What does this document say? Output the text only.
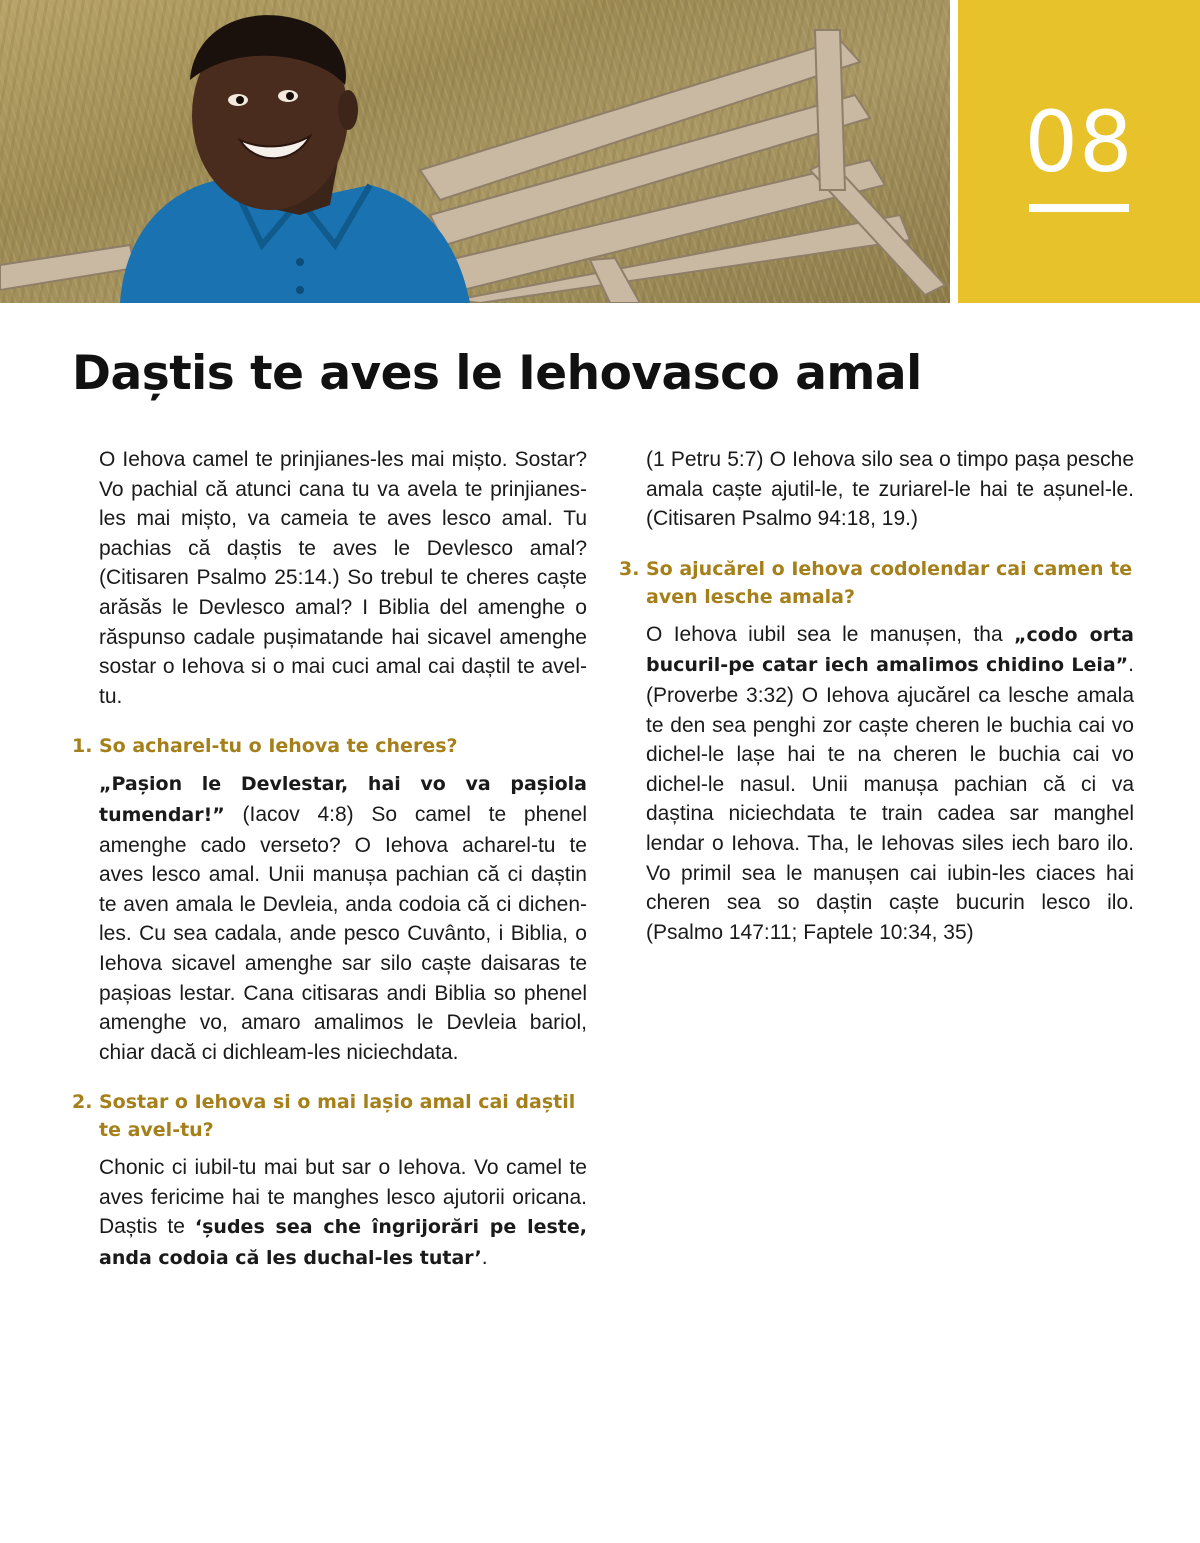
08
Daștis te aves le Iehovasco amal

O Iehova camel te prinjianes-les mai mișto. Sostar? Vo pachial că atunci cana tu va avela te prinjianes-les mai mișto, va cameia te aves lesco amal. Tu pachias că daștis te aves le Devlesco amal? (Citisaren Psalmo 25:14.) So trebul te cheres caște arăsăs le Devlesco amal? I Biblia del amenghe o răspunso cadale pușimatande hai sicavel amenghe sostar o Iehova si o mai cuci amal cai daștil te avel-tu.

1. So acharel-tu o Iehova te cheres?

„Pașion le Devlestar, hai vo va pașiola tumendar!” (Iacov 4:8) So camel te phenel amenghe cado verseto? O Iehova acharel-tu te aves lesco amal. Unii manușa pachian că ci daștin te aven amala le Devleia, anda codoia că ci dichen-les. Cu sea cadala, ande pesco Cuvânto, i Biblia, o Iehova sicavel amenghe sar silo caște daisaras te pașioas lestar. Cana citisaras andi Biblia so phenel amenghe vo, amaro amalimos le Devleia bariol, chiar dacă ci dichleam-les niciechdata.

2. Sostar o Iehova si o mai lașio amal cai daștil te avel-tu?

Chonic ci iubil-tu mai but sar o Iehova. Vo camel te aves fericime hai te manghes lesco ajutorii oricana. Daștis te ‘șudes sea che îngrijorări pe leste, anda codoia că les duchal-les tutar’.

(1 Petru 5:7) O Iehova silo sea o timpo pașa pesche amala caște ajutil-le, te zuriarel-le hai te așunel-le. (Citisaren Psalmo 94:18, 19.)

3. So ajucărel o Iehova codolendar cai camen te aven lesche amala?

O Iehova iubil sea le manușen, tha „codo orta bucuril-pe catar iech amalimos chidino Leia”. (Proverbe 3:32) O Iehova ajucărel ca lesche amala te den sea penghi zor caște cheren le buchia cai vo dichel-le lașe hai te na cheren le buchia cai vo dichel-le nasul. Unii manușa pachian că ci va daștina niciechdata te train cadea sar manghel lendar o Iehova. Tha, le Iehovas siles iech baro ilo. Vo primil sea le manușen cai iubin-les ciaces hai cheren sea so daștin caște bucurin lesco ilo. (Psalmo 147:11; Faptele 10:34, 35)
